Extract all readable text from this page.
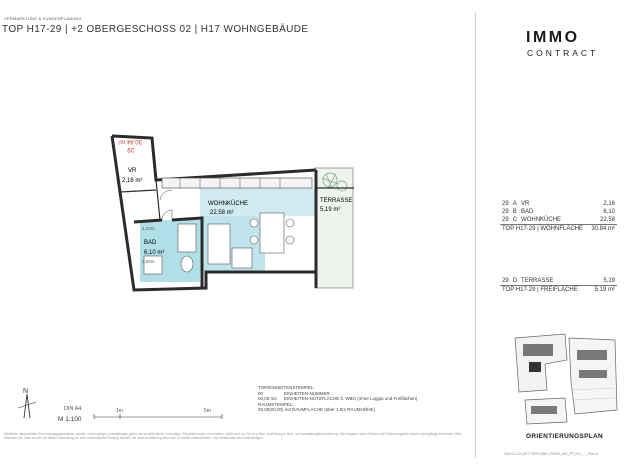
VERMARKTUNG & KUNDENPLANUNG
TOP H17-29 | +2 OBERGESCHOSS 02 | H17 WOHNGEBÄUDE	IMMO
CONTRACT
VR
2,16 m²
WOHNKÜCHE
22,58 m²
TERRASSE
5,19 m²
BAD
6,10 m²
30,84 m²
29
2,10m
2,50m
29	A	VR	2,16
29	B	BAD	6,10
29	C	WOHNKÜCHE	22,58
TOP H17-29 | WOHNFLÄCHE			30,84 m²
29	D	TERRASSE	5,19
TOP H17-29 | FREIFLÄCHE			5,19 m²
ORIENTIERUNGSPLAN
N
DIN A4
M 1:100
1m	5m
TOP/EINHEITENSTEMPEL:
00	EINHEITEN-NUMMER
00,00 m2 EINHEITEN-NUTZFLÄCHE lt. WBO (ohne Loggia und Freiflächen)
RAUMSTEMPEL:
00,00(00,00) m2RAUMFLÄCHE (über 1,5m RAUMHÖHE)
Sämtliche dargestellten Einrichtungsgegenstände, sanitär- und sonstigen Ausstattungen gelten als unverbindliche Vorschläge. Planänderungen vorbehalten. Maße sind vor Ort zu prüfen. Ausführung lt. Bau- und Ausstattungsbeschreibung. Alle Angaben ohne Gewähr, die Flächenangaben können geringfügig abweichen. Bitte beachten Sie, dass es sich bei dieser Darstellung um eine schematische Planung handelt; die finale Ausführung kann sich in Details unterscheiden. Kein Bestandteil des Kaufvertrages.
2024-01-13 | 007 TOPPLÄNE | PARIS_A00_PP_H17_..._Vers.A
